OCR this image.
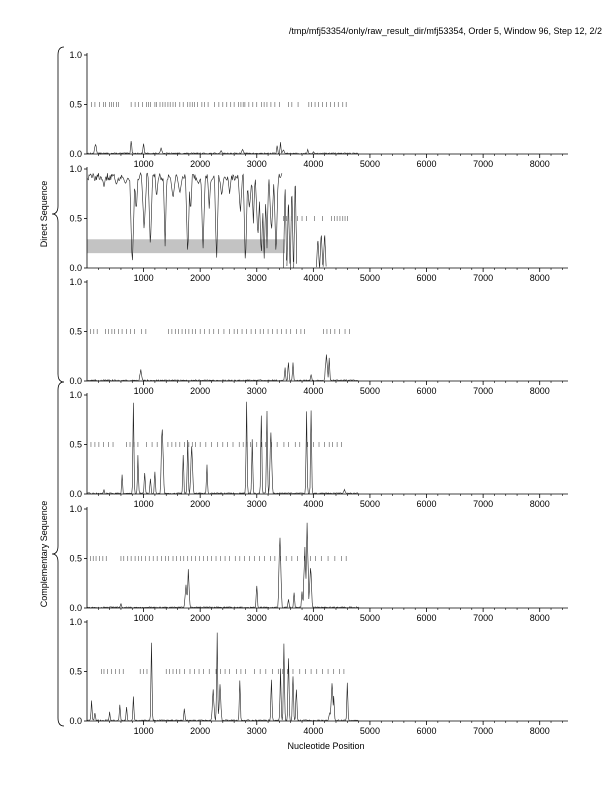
/tmp/mfj53354/only/raw_result_dir/mfj53354, Order 5, Window 96, Step 12, 2/2
0.0
0.5
1.0
1000	2000	3000	4000	5000	6000	7000	8000
0.0
0.5
1.0
1000	2000	3000	4000	5000	6000	7000	8000
0.0
0.5
1.0
1000	2000	3000	4000	5000	6000	7000	8000
0.0
0.5
1.0
1000	2000	3000	4000	5000	6000	7000	8000
0.0
0.5
1.0
1000	2000	3000	4000	5000	6000	7000	8000
0.0
0.5
1.0
1000	2000	3000	4000	5000	6000	7000	8000
Direct Sequence
Complementary Sequence
Nucleotide Position
